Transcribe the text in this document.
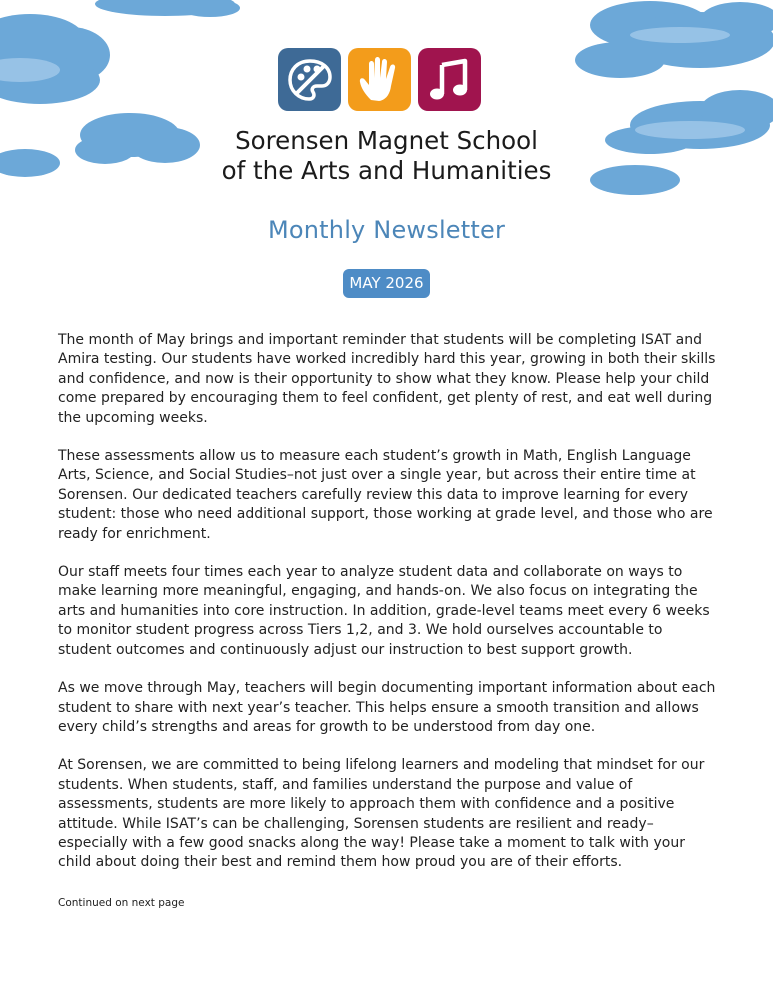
Sorensen Magnet School
of the Arts and Humanities
Monthly Newsletter
MAY 2026

The month of May brings and important reminder that students will be completing ISAT and Amira testing. Our students have worked incredibly hard this year, growing in both their skills and confidence, and now is their opportunity to show what they know. Please help your child come prepared by encouraging them to feel confident, get plenty of rest, and eat well during the upcoming weeks.

These assessments allow us to measure each student’s growth in Math, English Language Arts, Science, and Social Studies–not just over a single year, but across their entire time at Sorensen. Our dedicated teachers carefully review this data to improve learning for every student: those who need additional support, those working at grade level, and those who are ready for enrichment.

Our staff meets four times each year to analyze student data and collaborate on ways to make learning more meaningful, engaging, and hands-on. We also focus on integrating the arts and humanities into core instruction. In addition, grade-level teams meet every 6 weeks to monitor student progress across Tiers 1,2, and 3. We hold ourselves accountable to student outcomes and continuously adjust our instruction to best support growth.

As we move through May, teachers will begin documenting important information about each student to share with next year’s teacher. This helps ensure a smooth transition and allows every child’s strengths and areas for growth to be understood from day one.

At Sorensen, we are committed to being lifelong learners and modeling that mindset for our students. When students, staff, and families understand the purpose and value of assessments, students are more likely to approach them with confidence and a positive attitude. While ISAT’s can be challenging, Sorensen students are resilient and ready–especially with a few good snacks along the way! Please take a moment to talk with your child about doing their best and remind them how proud you are of their efforts.

Continued on next page
